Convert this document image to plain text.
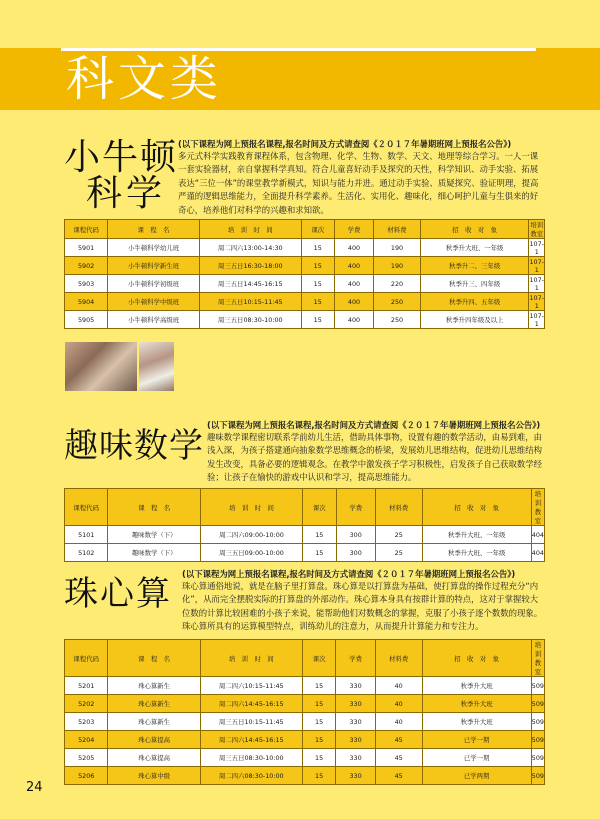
科文类
小牛顿
科学
(以下课程为网上预报名课程,报名时间及方式请查阅《２０１７年暑期班网上预报名公告》)
多元式科学实践教育课程体系，包含物理、化学、生物、数学、天文、地理等综合学习。一人一课一套实验器材，亲自掌握科学真知。符合儿童喜好动手及探究的天性，科学知识、动手实验、拓展表达“三位一体”的课堂教学新模式，知识与能力并进。通过动手实验、质疑探究、验证明理，提高严谨的逻辑思维能力，全面提升科学素养。生活化、实用化、趣味化，细心呵护儿童与生俱来的好奇心，培养他们对科学的兴趣和求知欲。
课程代码	课　程　名	培　训　时　间	课次	学费	材料费	招　收　对　象	培训教室
5901	小牛顿科学幼儿班	周二四六13:00-14:30	15	400	190	秋季升大班、一年级	107-1
5902	小牛顿科学新生班	周三五日16:30-18:00	15	400	190	秋季升二、三年级	107-1
5903	小牛顿科学初级班	周三五日14:45-16:15	15	400	220	秋季升三、四年级	107-1
5904	小牛顿科学中级班	周三五日10:15-11:45	15	400	250	秋季升四、五年级	107-1
5905	小牛顿科学高级班	周三五日08:30-10:00	15	400	250	秋季升四年级及以上	107-1
趣味数学
(以下课程为网上预报名课程,报名时间及方式请查阅《２０１７年暑期班网上预报名公告》)
趣味数学课程密切联系学前幼儿生活，借助具体事物，设置有趣的数学活动，由易到难，由浅入深，为孩子搭建通向抽象数学思维概念的桥梁，发展幼儿思维结构，促进幼儿思维结构发生改变，具备必要的逻辑观念。在教学中激发孩子学习积极性，启发孩子自己获取数学经验；让孩子在愉快的游戏中认识和学习，提高思维能力。
课程代码	课　程　名	培　训　时　间	课次	学费	材料费	招　收　对　象	培训教室
5101	趣味数学（下）	周二四六09:00-10:00	15	300	25	秋季升大班、一年级	404
5102	趣味数学（下）	周三五日09:00-10:00	15	300	25	秋季升大班、一年级	404
珠心算 (以下课程为网上预报名课程,报名时间及方式请查阅《２０１７年暑期班网上预报名公告》)
珠心算通俗地说，就是在脑子里打算盘。珠心算是以打算盘为基础，使打算盘的操作过程充分“内化”，从而完全摆脱实际的打算盘的外部动作。珠心算本身具有按群计算的特点，这对于掌握较大位数的计算比较困难的小孩子来说，能帮助他们对数概念的掌握，克服了小孩子逐个数数的现象。珠心算所具有的运算模型特点，训练幼儿的注意力，从而提升计算能力和专注力。
课程代码	课　程　名	培　训　时　间	课次	学费	材料费	招　收　对　象	培训教室
5201	珠心算新生	周二四六10:15-11:45	15	330	40	秋季升大班	509
5202	珠心算新生	周二四六14:45-16:15	15	330	40	秋季升大班	509
5203	珠心算新生	周三五日10:15-11:45	15	330	40	秋季升大班	509
5204	珠心算提高	周二四六14:45-16:15	15	330	45	已学一期	509
5205	珠心算提高	周三五日08:30-10:00	15	330	45	已学一期	509
5206	珠心算中级	周二四六08:30-10:00	15	330	45	已学两期	509
24
